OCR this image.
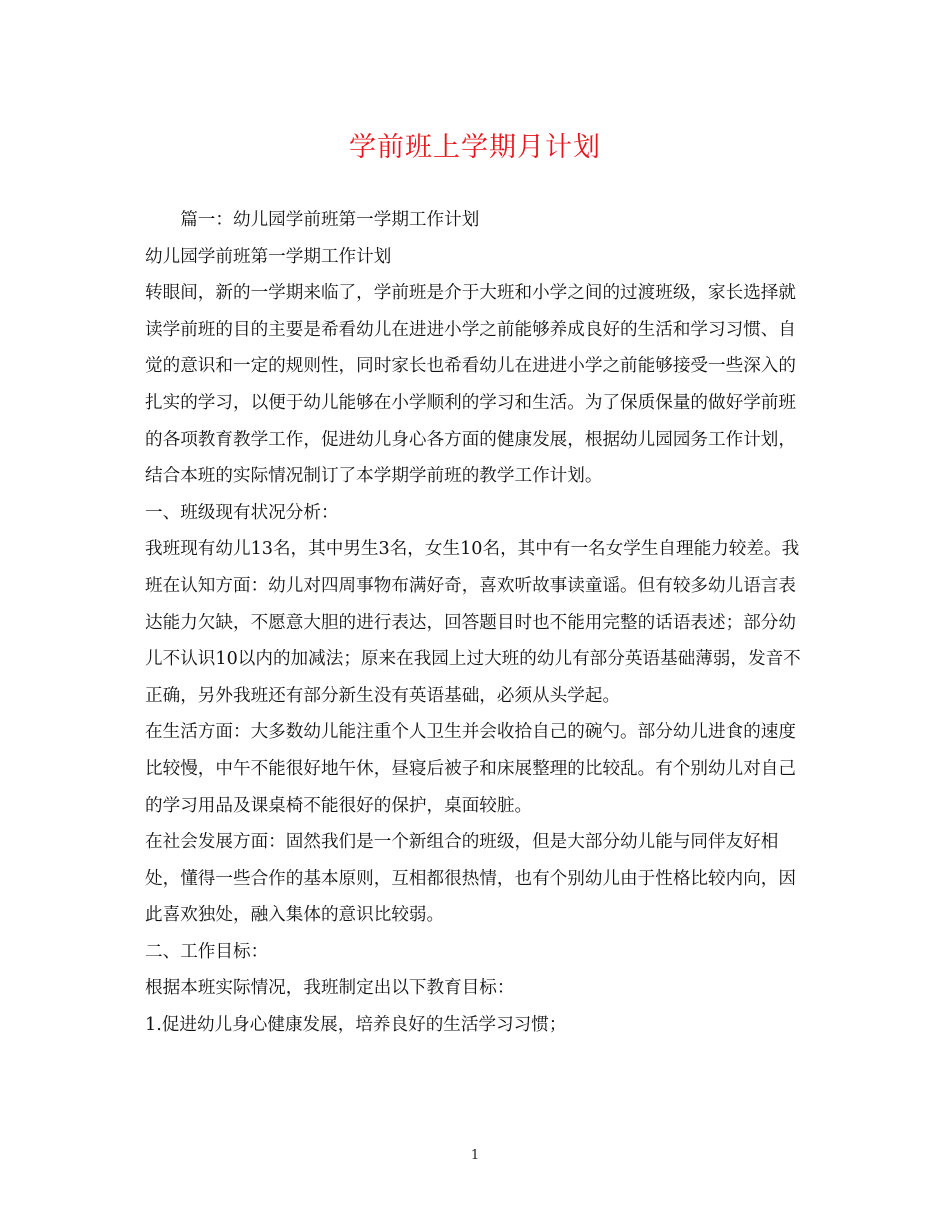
学前班上学期月计划

篇一：幼儿园学前班第一学期工作计划

幼儿园学前班第一学期工作计划

转眼间，新的一学期来临了，学前班是介于大班和小学之间的过渡班级，家长选择就读学前班的目的主要是希看幼儿在进进小学之前能够养成良好的生活和学习习惯、自觉的意识和一定的规则性，同时家长也希看幼儿在进进小学之前能够接受一些深入的扎实的学习，以便于幼儿能够在小学顺利的学习和生活。为了保质保量的做好学前班的各项教育教学工作，促进幼儿身心各方面的健康发展，根据幼儿园园务工作计划，结合本班的实际情况制订了本学期学前班的教学工作计划。

一、班级现有状况分析：

我班现有幼儿13名，其中男生3名，女生10名，其中有一名女学生自理能力较差。我班在认知方面：幼儿对四周事物布满好奇，喜欢听故事读童谣。但有较多幼儿语言表达能力欠缺，不愿意大胆的进行表达，回答题目时也不能用完整的话语表述；部分幼儿不认识10以内的加减法；原来在我园上过大班的幼儿有部分英语基础薄弱，发音不正确，另外我班还有部分新生没有英语基础，必须从头学起。

在生活方面：大多数幼儿能注重个人卫生并会收拾自己的碗勺。部分幼儿进食的速度比较慢，中午不能很好地午休，昼寝后被子和床展整理的比较乱。有个别幼儿对自己的学习用品及课桌椅不能很好的保护，桌面较脏。

在社会发展方面：固然我们是一个新组合的班级，但是大部分幼儿能与同伴友好相处，懂得一些合作的基本原则，互相都很热情，也有个别幼儿由于性格比较内向，因此喜欢独处，融入集体的意识比较弱。

二、工作目标：

根据本班实际情况，我班制定出以下教育目标：

1.促进幼儿身心健康发展，培养良好的生活学习习惯；

1
